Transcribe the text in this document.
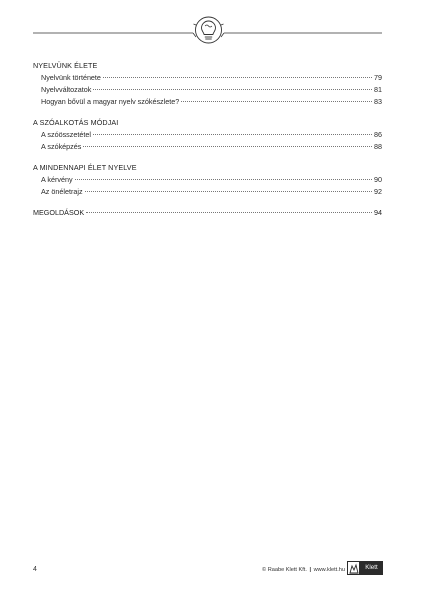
NYELVÜNK ÉLETE
Nyelvünk története	79
Nyelvváltozatok	81
Hogyan bővül a magyar nyelv szókészlete?	83
A SZÓALKOTÁS MÓDJAI
A szóösszetétel	86
A szóképzés	88
A MINDENNAPI ÉLET NYELVE
A kérvény	90
Az önéletrajz	92
MEGOLDÁSOK	94
4	© Raabe Klett Kft. | www.klett.hu	Klett
